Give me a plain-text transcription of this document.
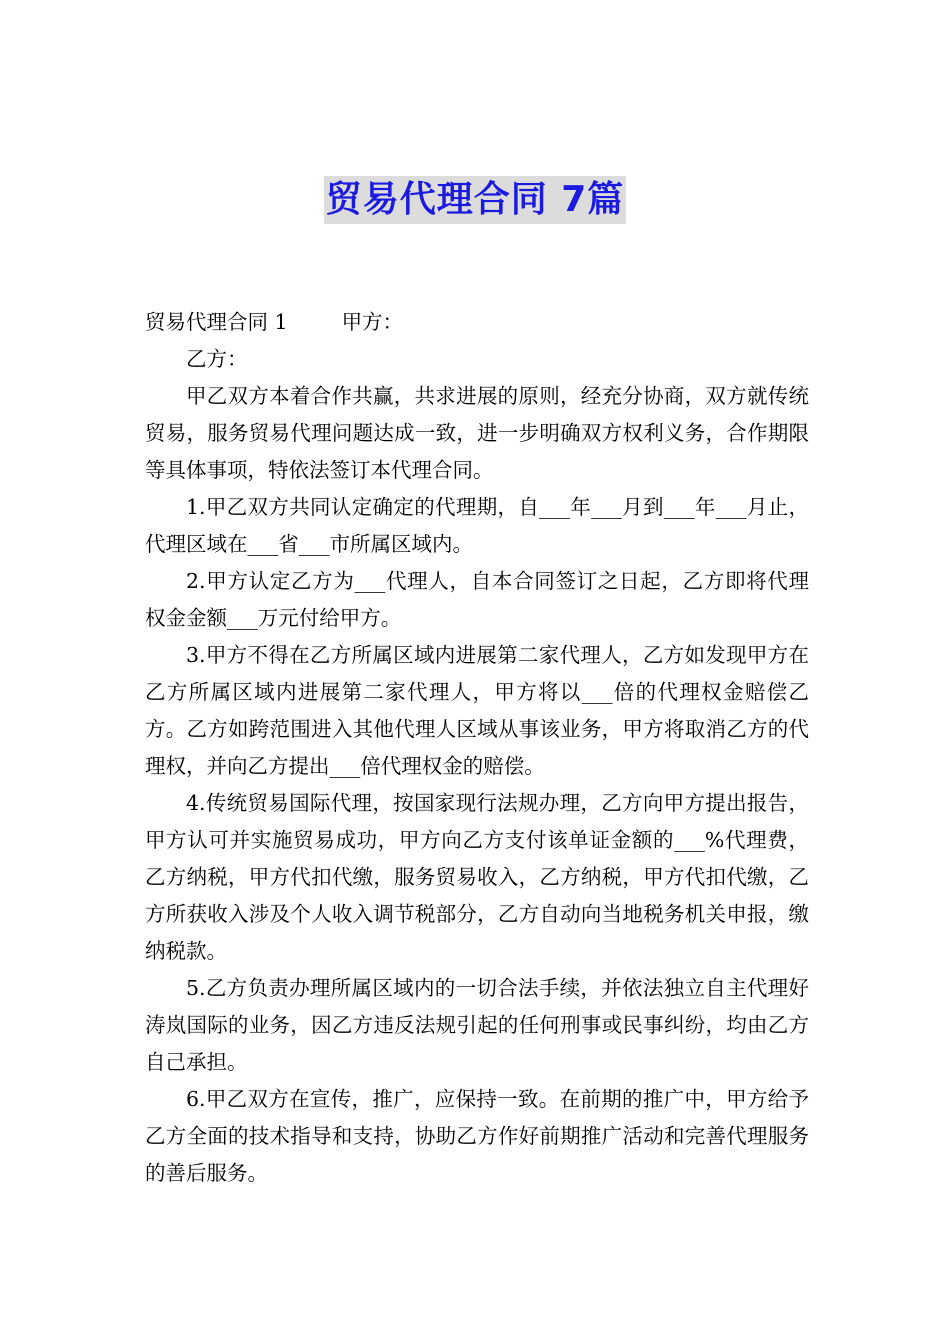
贸易代理合同 7篇

贸易代理合同 1	甲方：

乙方：

甲乙双方本着合作共赢，共求进展的原则，经充分协商，双方就传统贸易，服务贸易代理问题达成一致，进一步明确双方权利义务，合作期限等具体事项，特依法签订本代理合同。

1.甲乙双方共同认定确定的代理期，自___年___月到___年___月止，代理区域在___省___市所属区域内。

2.甲方认定乙方为___代理人，自本合同签订之日起，乙方即将代理权金金额___万元付给甲方。

3.甲方不得在乙方所属区域内进展第二家代理人，乙方如发现甲方在乙方所属区域内进展第二家代理人，甲方将以___倍的代理权金赔偿乙方。乙方如跨范围进入其他代理人区域从事该业务，甲方将取消乙方的代理权，并向乙方提出___倍代理权金的赔偿。

4.传统贸易国际代理，按国家现行法规办理，乙方向甲方提出报告，甲方认可并实施贸易成功，甲方向乙方支付该单证金额的___%代理费，乙方纳税，甲方代扣代缴，服务贸易收入，乙方纳税，甲方代扣代缴，乙方所获收入涉及个人收入调节税部分，乙方自动向当地税务机关申报，缴纳税款。

5.乙方负责办理所属区域内的一切合法手续，并依法独立自主代理好涛岚国际的业务，因乙方违反法规引起的任何刑事或民事纠纷，均由乙方自己承担。

6.甲乙双方在宣传，推广，应保持一致。在前期的推广中，甲方给予乙方全面的技术指导和支持，协助乙方作好前期推广活动和完善代理服务的善后服务。
